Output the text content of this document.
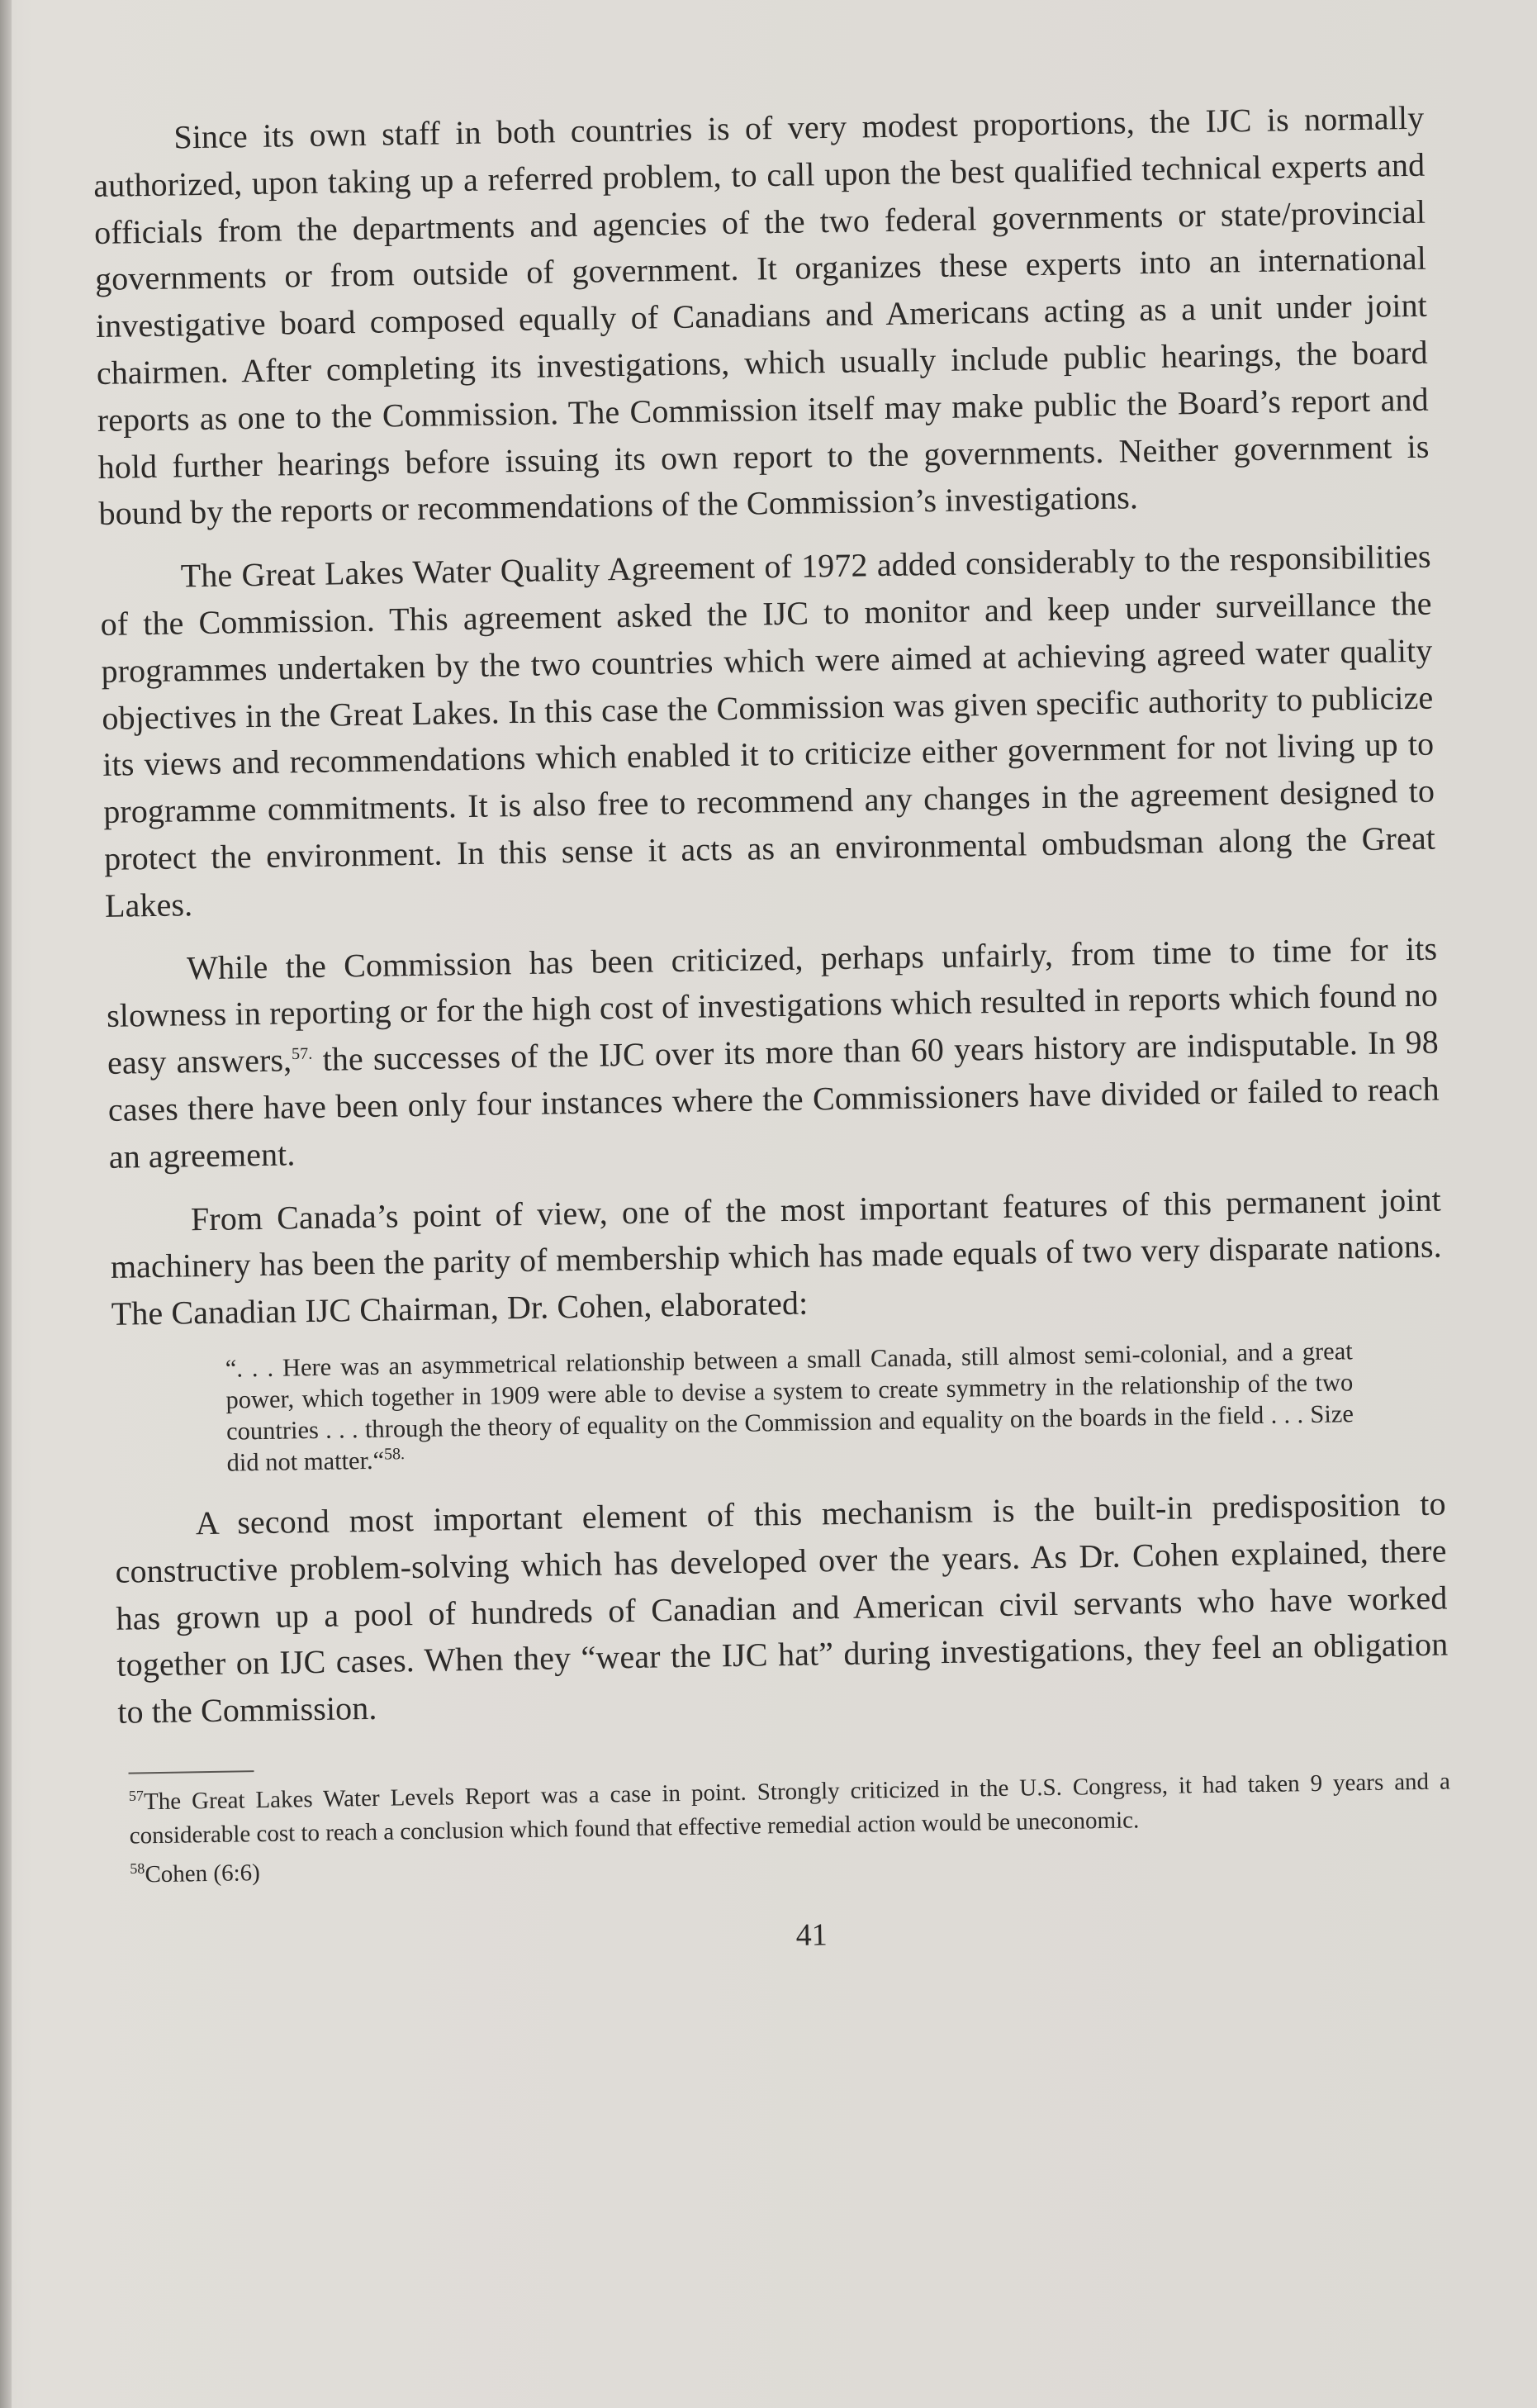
Since its own staff in both countries is of very modest proportions, the IJC is normally authorized, upon taking up a referred problem, to call upon the best qualified technical experts and officials from the departments and agencies of the two federal governments or state/provincial governments or from outside of government. It organizes these experts into an international investigative board composed equally of Canadians and Americans acting as a unit under joint chairmen. After completing its investigations, which usually include public hearings, the board reports as one to the Commission. The Commission itself may make public the Board’s report and hold further hearings before issuing its own report to the governments. Neither government is bound by the reports or recommendations of the Commission’s investigations.

The Great Lakes Water Quality Agreement of 1972 added considerably to the responsibilities of the Commission. This agreement asked the IJC to monitor and keep under surveillance the programmes undertaken by the two countries which were aimed at achieving agreed water quality objectives in the Great Lakes. In this case the Commission was given specific authority to publicize its views and recommendations which enabled it to criticize either government for not living up to programme commitments. It is also free to recommend any changes in the agreement designed to protect the environment. In this sense it acts as an environmental ombudsman along the Great Lakes.

While the Commission has been criticized, perhaps unfairly, from time to time for its slowness in reporting or for the high cost of investigations which resulted in reports which found no easy answers,$^{57.}$ the successes of the IJC over its more than 60 years history are indisputable. In 98 cases there have been only four instances where the Commissioners have divided or failed to reach an agreement.

From Canada’s point of view, one of the most important features of this permanent joint machinery has been the parity of membership which has made equals of two very disparate nations. The Canadian IJC Chairman, Dr. Cohen, elaborated:

“. . . Here was an asymmetrical relationship between a small Canada, still almost semi-colonial, and a great power, which together in 1909 were able to devise a system to create symmetry in the relationship of the two countries . . . through the theory of equality on the Commission and equality on the boards in the field . . . Size did not matter.“$^{58.}$

A second most important element of this mechanism is the built-in predisposition to constructive problem-solving which has developed over the years. As Dr. Cohen explained, there has grown up a pool of hundreds of Canadian and American civil servants who have worked together on IJC cases. When they “wear the IJC hat” during investigations, they feel an obligation to the Commission.

$^{57}$The Great Lakes Water Levels Report was a case in point. Strongly criticized in the U.S. Congress, it had taken 9 years and a considerable cost to reach a conclusion which found that effective remedial action would be uneconomic.

$^{58}$Cohen (6:6)

41
